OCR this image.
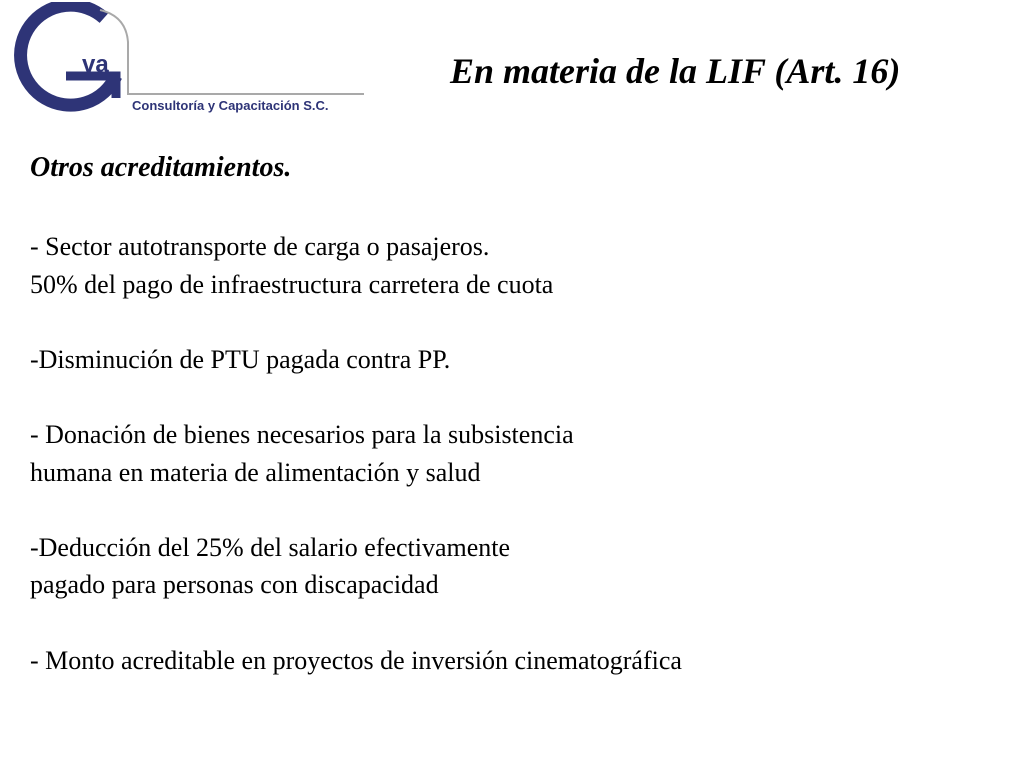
va
Consultoría y Capacitación S.C.
En materia de la LIF (Art. 16)
Otros acreditamientos.
- Sector autotransporte de carga o pasajeros.
50% del pago de infraestructura carretera de cuota
-Disminución de PTU pagada contra PP.
- Donación de bienes necesarios para la subsistencia
humana en materia de alimentación y salud
-Deducción del 25% del salario efectivamente
pagado para personas con discapacidad
- Monto acreditable en proyectos de inversión cinematográfica
